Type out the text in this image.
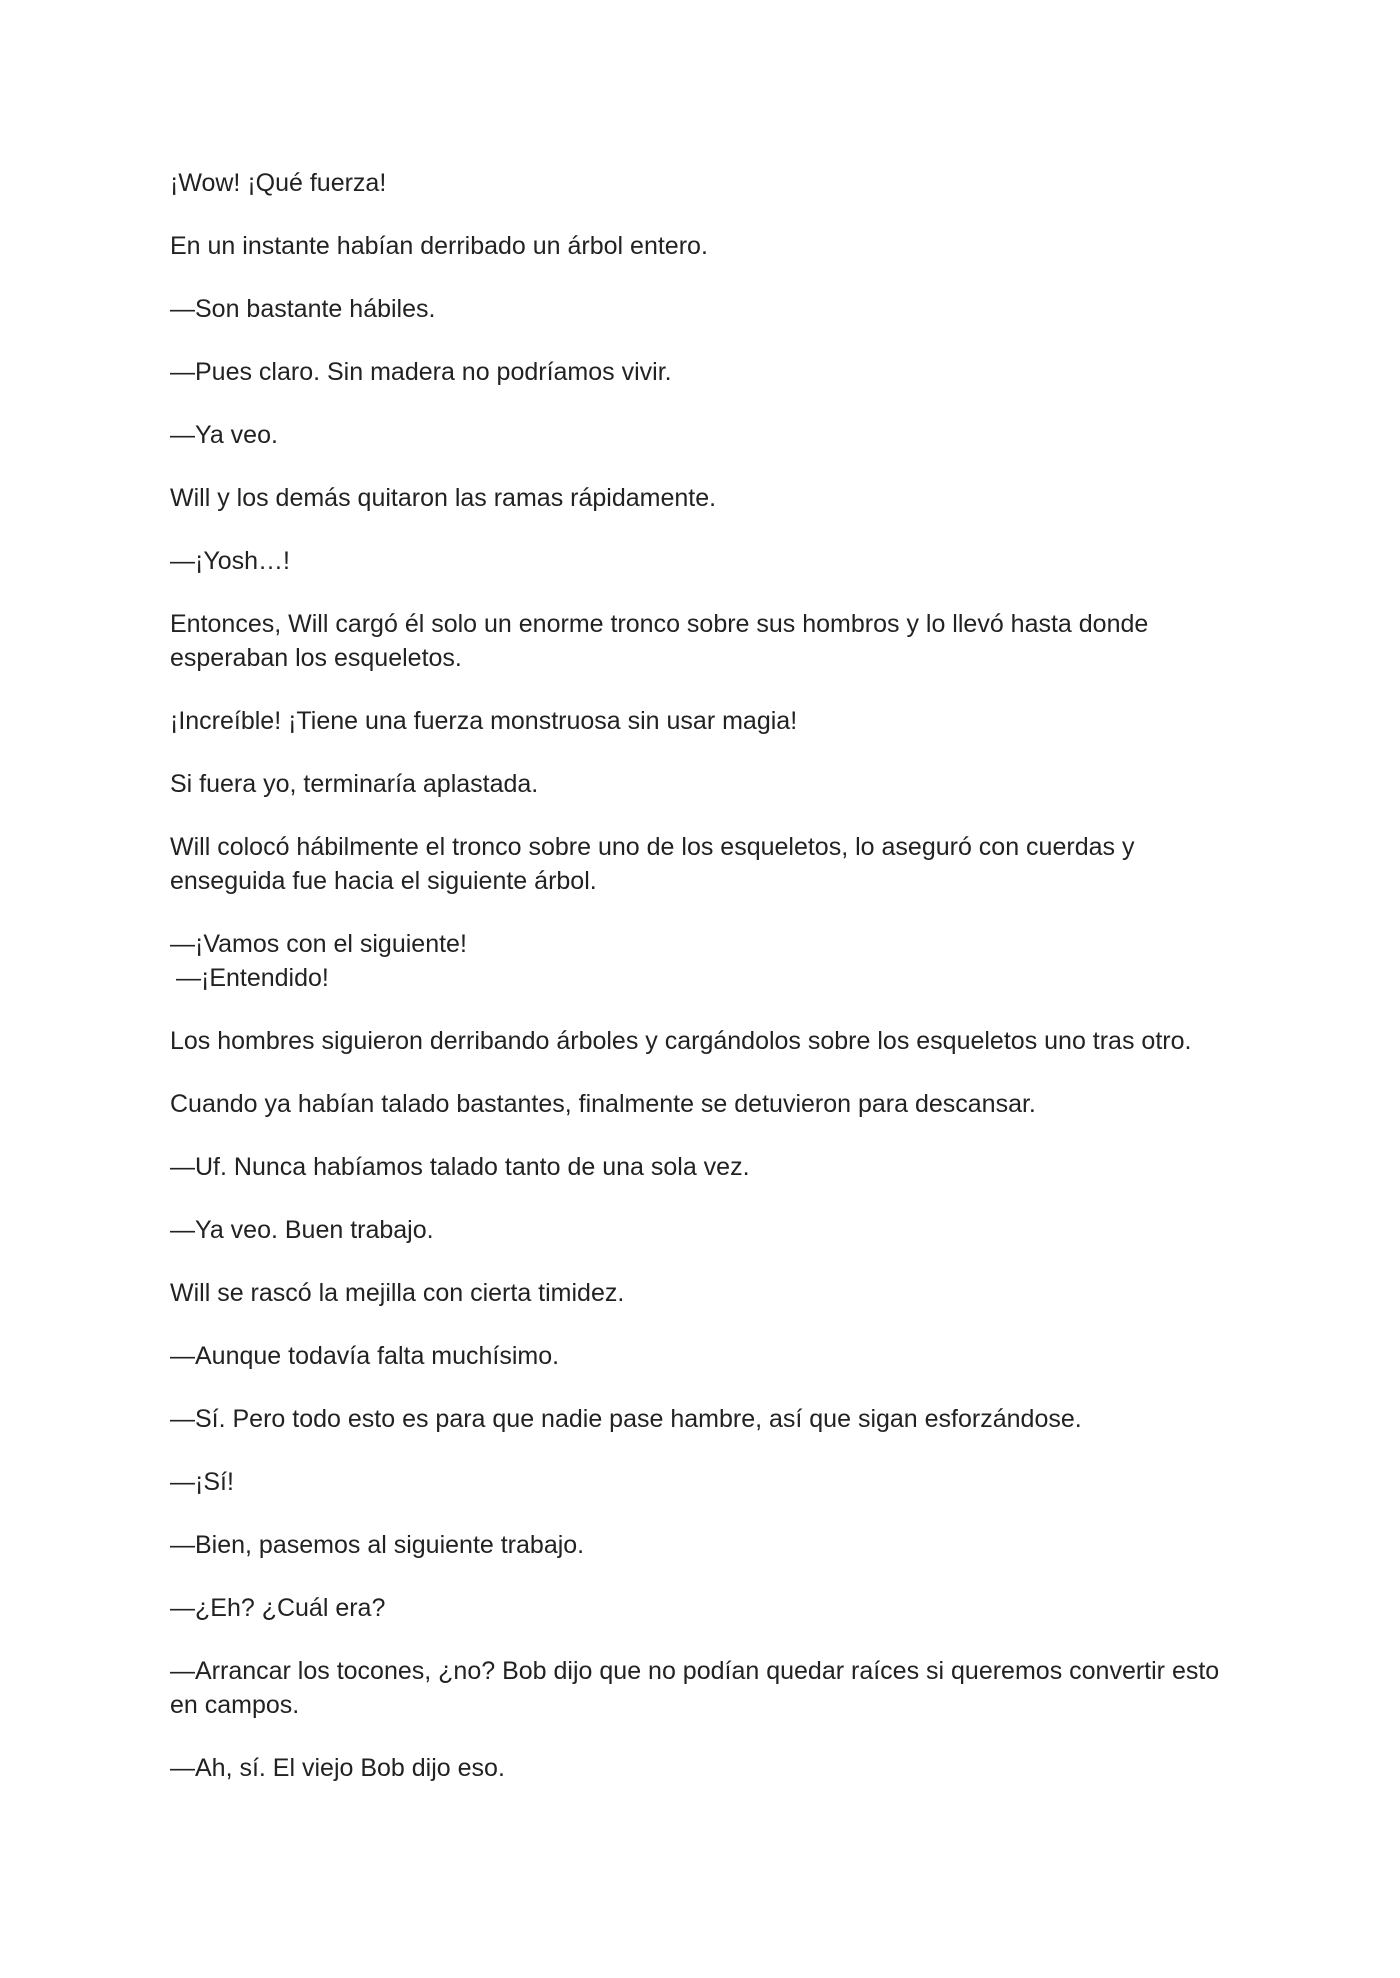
¡Wow! ¡Qué fuerza!

En un instante habían derribado un árbol entero.

—Son bastante hábiles.

—Pues claro. Sin madera no podríamos vivir.

—Ya veo.

Will y los demás quitaron las ramas rápidamente.

—¡Yosh…!

Entonces, Will cargó él solo un enorme tronco sobre sus hombros y lo llevó hasta donde esperaban los esqueletos.

¡Increíble! ¡Tiene una fuerza monstruosa sin usar magia!

Si fuera yo, terminaría aplastada.

Will colocó hábilmente el tronco sobre uno de los esqueletos, lo aseguró con cuerdas y enseguida fue hacia el siguiente árbol.

—¡Vamos con el siguiente!

—¡Entendido!

Los hombres siguieron derribando árboles y cargándolos sobre los esqueletos uno tras otro.

Cuando ya habían talado bastantes, finalmente se detuvieron para descansar.

—Uf. Nunca habíamos talado tanto de una sola vez.

—Ya veo. Buen trabajo.

Will se rascó la mejilla con cierta timidez.

—Aunque todavía falta muchísimo.

—Sí. Pero todo esto es para que nadie pase hambre, así que sigan esforzándose.

—¡Sí!

—Bien, pasemos al siguiente trabajo.

—¿Eh? ¿Cuál era?

—Arrancar los tocones, ¿no? Bob dijo que no podían quedar raíces si queremos convertir esto en campos.

—Ah, sí. El viejo Bob dijo eso.
